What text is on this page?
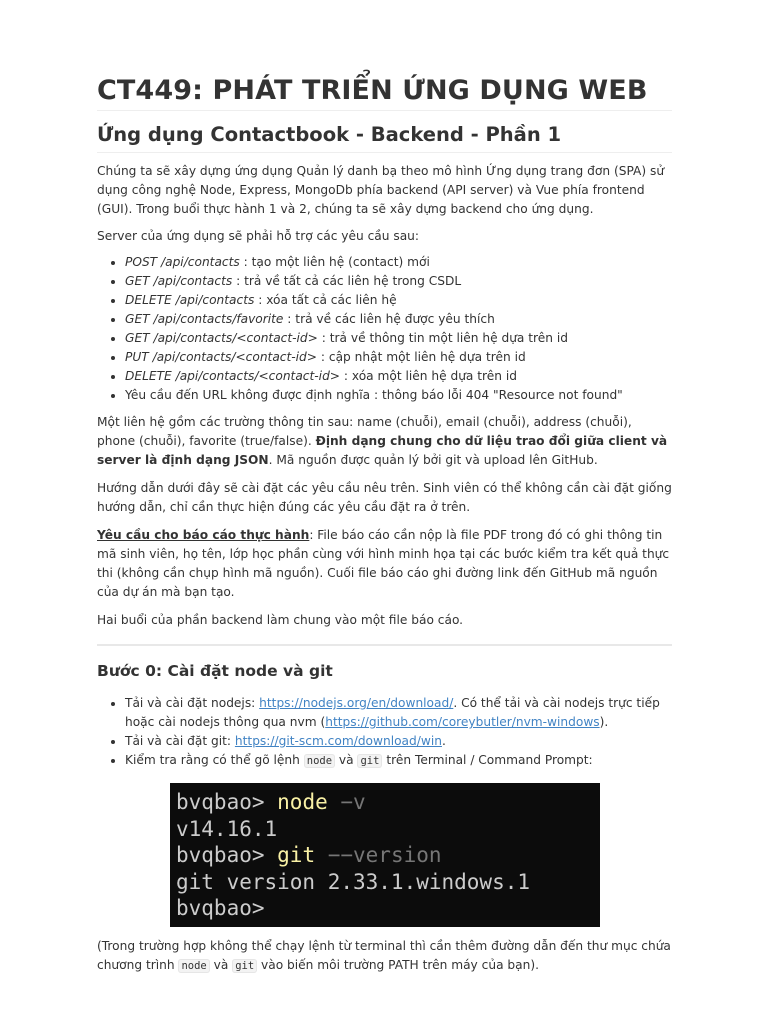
CT449: PHÁT TRIỂN ỨNG DỤNG WEB
Ứng dụng Contactbook - Backend - Phần 1

Chúng ta sẽ xây dựng ứng dụng Quản lý danh bạ theo mô hình Ứng dụng trang đơn (SPA) sử dụng công nghệ Node, Express, MongoDb phía backend (API server) và Vue phía frontend (GUI). Trong buổi thực hành 1 và 2, chúng ta sẽ xây dựng backend cho ứng dụng.

Server của ứng dụng sẽ phải hỗ trợ các yêu cầu sau:

• POST /api/contacts : tạo một liên hệ (contact) mới
• GET /api/contacts : trả về tất cả các liên hệ trong CSDL
• DELETE /api/contacts : xóa tất cả các liên hệ
• GET /api/contacts/favorite : trả về các liên hệ được yêu thích
• GET /api/contacts/<contact-id> : trả về thông tin một liên hệ dựa trên id
• PUT /api/contacts/<contact-id> : cập nhật một liên hệ dựa trên id
• DELETE /api/contacts/<contact-id> : xóa một liên hệ dựa trên id
• Yêu cầu đến URL không được định nghĩa : thông báo lỗi 404 "Resource not found"

Một liên hệ gồm các trường thông tin sau: name (chuỗi), email (chuỗi), address (chuỗi), phone (chuỗi), favorite (true/false). Định dạng chung cho dữ liệu trao đổi giữa client và server là định dạng JSON. Mã nguồn được quản lý bởi git và upload lên GitHub.

Hướng dẫn dưới đây sẽ cài đặt các yêu cầu nêu trên. Sinh viên có thể không cần cài đặt giống hướng dẫn, chỉ cần thực hiện đúng các yêu cầu đặt ra ở trên.

Yêu cầu cho báo cáo thực hành: File báo cáo cần nộp là file PDF trong đó có ghi thông tin mã sinh viên, họ tên, lớp học phần cùng với hình minh họa tại các bước kiểm tra kết quả thực thi (không cần chụp hình mã nguồn). Cuối file báo cáo ghi đường link đến GitHub mã nguồn của dự án mà bạn tạo.

Hai buổi của phần backend làm chung vào một file báo cáo.

Bước 0: Cài đặt node và git
• Tải và cài đặt nodejs: https://nodejs.org/en/download/. Có thể tải và cài nodejs trực tiếp hoặc cài nodejs thông qua nvm (https://github.com/coreybutler/nvm-windows).
• Tải và cài đặt git: https://git-scm.com/download/win.
• Kiểm tra rằng có thể gõ lệnh node và git trên Terminal / Command Prompt:
bvqbao> node −v
v14.16.1
bvqbao> git −−version
git version 2.33.1.windows.1
bvqbao>

(Trong trường hợp không thể chạy lệnh từ terminal thì cần thêm đường dẫn đến thư mục chứa chương trình node và git vào biến môi trường PATH trên máy của bạn).
